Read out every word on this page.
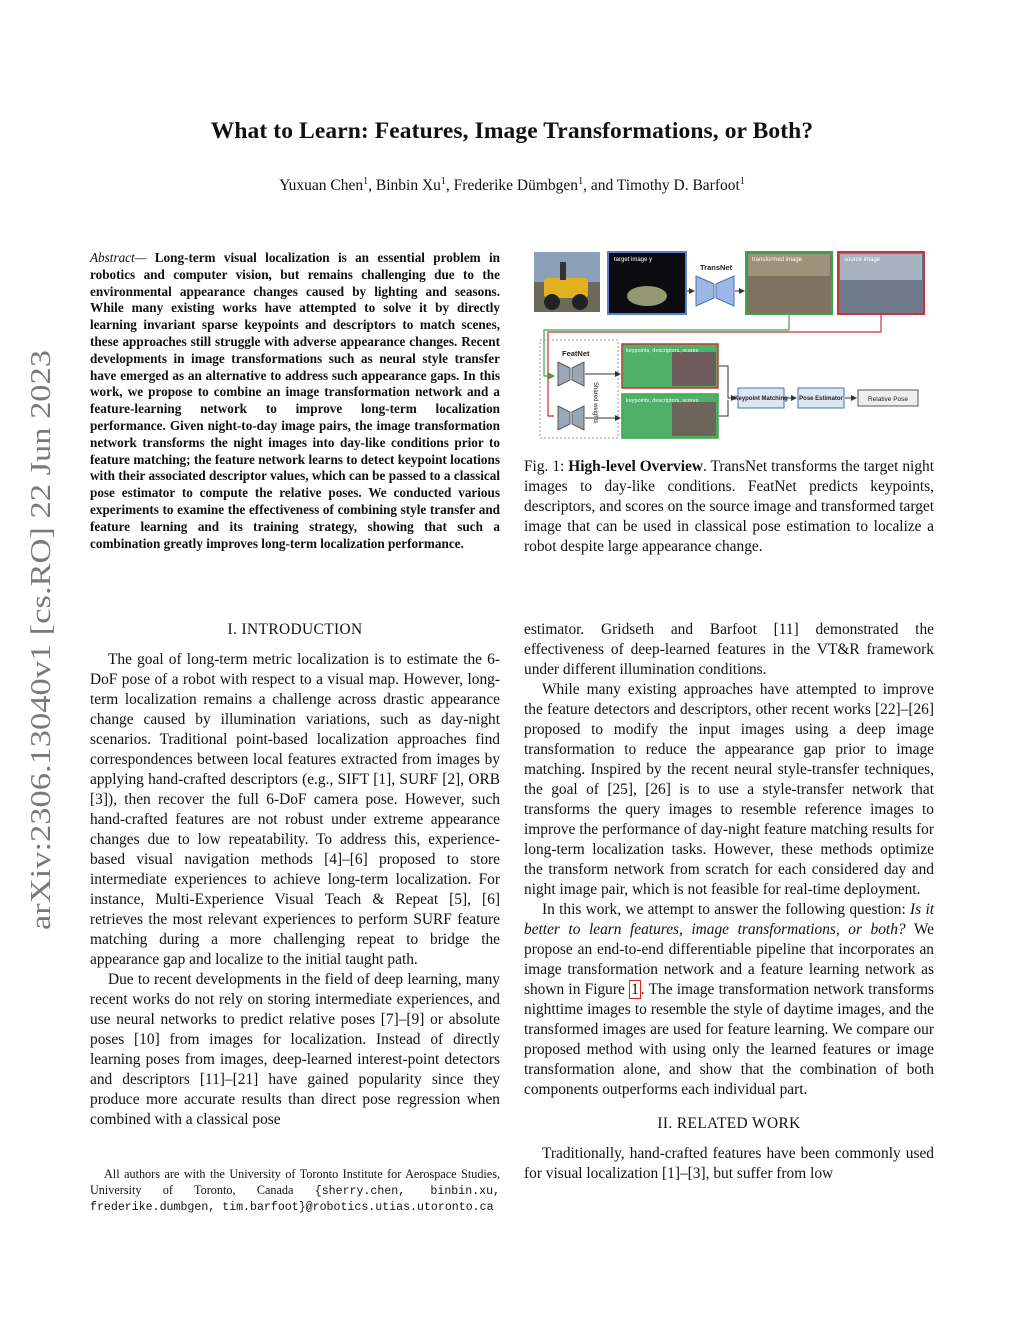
arXiv:2306.13040v1 [cs.RO] 22 Jun 2023
What to Learn: Features, Image Transformations, or Both?
Yuxuan Chen$^1$, Binbin Xu$^1$, Frederike Dümbgen$^1$, and Timothy D. Barfoot$^1$
Abstract— Long-term visual localization is an essential problem in robotics and computer vision, but remains challenging due to the environmental appearance changes caused by lighting and seasons. While many existing works have attempted to solve it by directly learning invariant sparse keypoints and descriptors to match scenes, these approaches still struggle with adverse appearance changes. Recent developments in image transformations such as neural style transfer have emerged as an alternative to address such appearance gaps. In this work, we propose to combine an image transformation network and a feature-learning network to improve long-term localization performance. Given night-to-day image pairs, the image transformation network transforms the night images into day-like conditions prior to feature matching; the feature network learns to detect keypoint locations with their associated descriptor values, which can be passed to a classical pose estimator to compute the relative poses. We conducted various experiments to examine the effectiveness of combining style transfer and feature learning and its training strategy, showing that such a combination greatly improves long-term localization performance.
target image y
TransNet
transformed image	source image
FeatNet
Shared weights
keypoints, descriptors, scores
keypoints, descriptors, scores	Keypoint Matching Pose Estimator	Relative Pose
Fig. 1: High-level Overview. TransNet transforms the target night images to day-like conditions. FeatNet predicts keypoints, descriptors, and scores on the source image and transformed target image that can be used in classical pose estimation to localize a robot despite large appearance change.
I. INTRODUCTION

The goal of long-term metric localization is to estimate the 6-DoF pose of a robot with respect to a visual map. However, long-term localization remains a challenge across drastic appearance change caused by illumination variations, such as day-night scenarios. Traditional point-based localization approaches find correspondences between local features extracted from images by applying hand-crafted descriptors (e.g., SIFT [1], SURF [2], ORB [3]), then recover the full 6-DoF camera pose. However, such hand-crafted features are not robust under extreme appearance changes due to low repeatability. To address this, experience-based visual navigation methods [4]–[6] proposed to store intermediate experiences to achieve long-term localization. For instance, Multi-Experience Visual Teach & Repeat [5], [6] retrieves the most relevant experiences to perform SURF feature matching during a more challenging repeat to bridge the appearance gap and localize to the initial taught path.

Due to recent developments in the field of deep learning, many recent works do not rely on storing intermediate experiences, and use neural networks to predict relative poses [7]–[9] or absolute poses [10] from images for localization. Instead of directly learning poses from images, deep-learned interest-point detectors and descriptors [11]–[21] have gained popularity since they produce more accurate results than direct pose regression when combined with a classical pose

estimator. Gridseth and Barfoot [11] demonstrated the effectiveness of deep-learned features in the VT&R framework under different illumination conditions.

While many existing approaches have attempted to improve the feature detectors and descriptors, other recent works [22]–[26] proposed to modify the input images using a deep image transformation to reduce the appearance gap prior to image matching. Inspired by the recent neural style-transfer techniques, the goal of [25], [26] is to use a style-transfer network that transforms the query images to resemble reference images to improve the performance of day-night feature matching results for long-term localization tasks. However, these methods optimize the transform network from scratch for each considered day and night image pair, which is not feasible for real-time deployment.

In this work, we attempt to answer the following question: Is it better to learn features, image transformations, or both? We propose an end-to-end differentiable pipeline that incorporates an image transformation network and a feature learning network as shown in Figure 1 . The image transformation network transforms nighttime images to resemble the style of daytime images, and the transformed images are used for feature learning. We compare our proposed method with using only the learned features or image transformation alone, and show that the combination of both components outperforms each individual part.

II. RELATED WORK

Traditionally, hand-crafted features have been commonly used for visual localization [1]–[3], but suffer from low

All authors are with the University of Toronto Institute for Aerospace Studies, University of Toronto, Canada {sherry.chen, binbin.xu, frederike.dumbgen, tim.barfoot}@robotics.utias.utoronto.ca
